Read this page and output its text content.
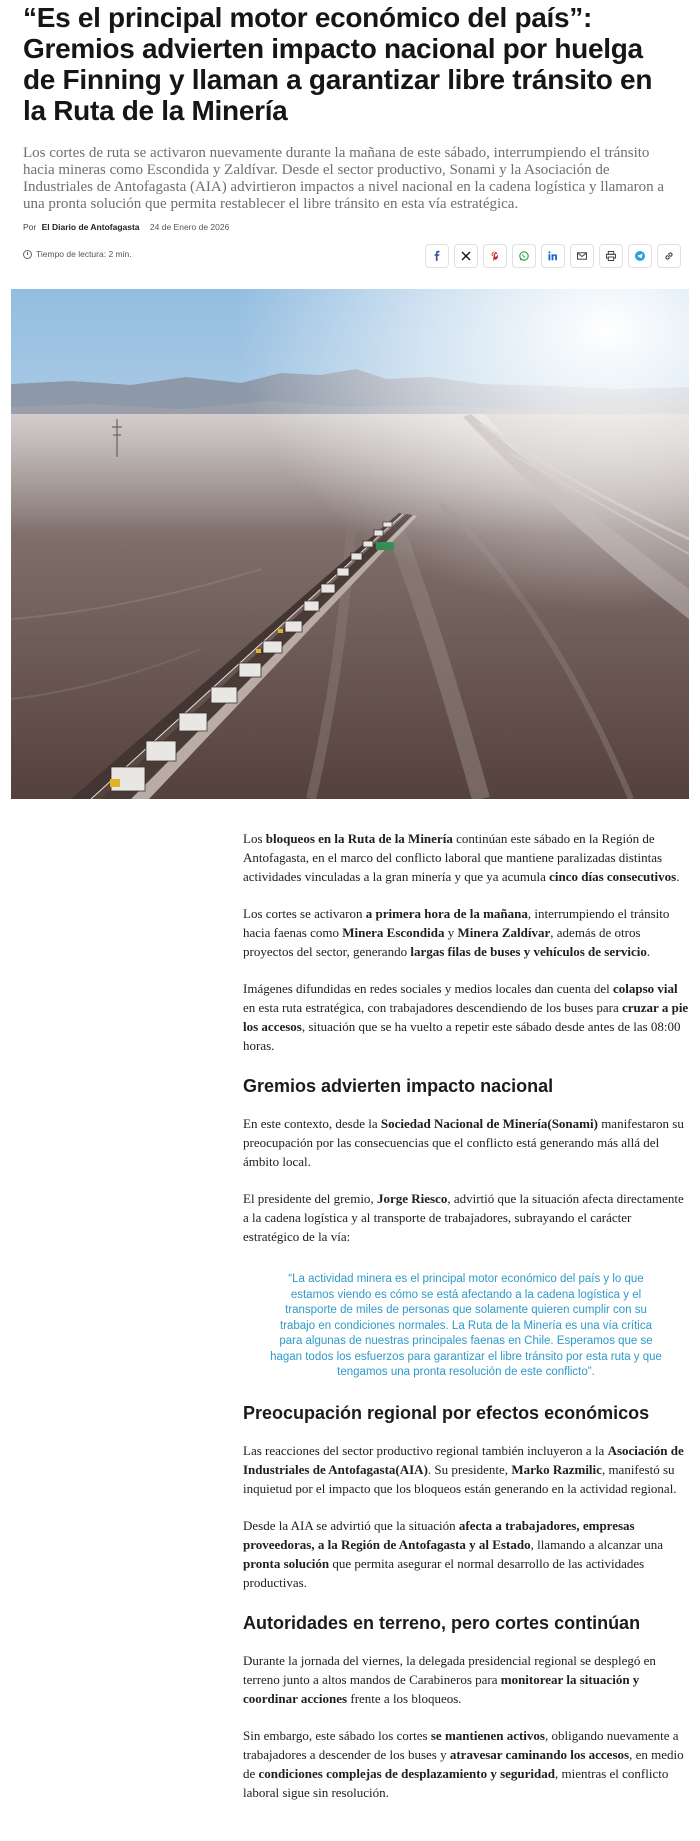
“Es el principal motor económico del país”: Gremios advierten impacto nacional por huelga de Finning y llaman a garantizar libre tránsito en la Ruta de la Minería

Los cortes de ruta se activaron nuevamente durante la mañana de este sábado, interrumpiendo el tránsito hacia mineras como Escondida y Zaldívar. Desde el sector productivo, Sonami y la Asociación de Industriales de Antofagasta (AIA) advirtieron impactos a nivel nacional en la cadena logística y llamaron a una pronta solución que permita restablecer el libre tránsito en esta vía estratégica.

Por El Diario de Antofagasta 24 de Enero de 2026
Tiempo de lectura: 2 min.

Los bloqueos en la Ruta de la Minería continúan este sábado en la Región de Antofagasta, en el marco del conflicto laboral que mantiene paralizadas distintas actividades vinculadas a la gran minería y que ya acumula cinco días consecutivos.

Los cortes se activaron a primera hora de la mañana, interrumpiendo el tránsito hacia faenas como Minera Escondida y Minera Zaldívar, además de otros proyectos del sector, generando largas filas de buses y vehículos de servicio.

Imágenes difundidas en redes sociales y medios locales dan cuenta del colapso vial en esta ruta estratégica, con trabajadores descendiendo de los buses para cruzar a pie los accesos, situación que se ha vuelto a repetir este sábado desde antes de las 08:00 horas.

Gremios advierten impacto nacional

En este contexto, desde la Sociedad Nacional de Minería(Sonami) manifestaron su preocupación por las consecuencias que el conflicto está generando más allá del ámbito local.

El presidente del gremio, Jorge Riesco, advirtió que la situación afecta directamente a la cadena logística y al transporte de trabajadores, subrayando el carácter estratégico de la vía:

“La actividad minera es el principal motor económico del país y lo que estamos viendo es cómo se está afectando a la cadena logística y el transporte de miles de personas que solamente quieren cumplir con su trabajo en condiciones normales. La Ruta de la Minería es una vía crítica para algunas de nuestras principales faenas en Chile. Esperamos que se hagan todos los esfuerzos para garantizar el libre tránsito por esta ruta y que tengamos una pronta resolución de este conflicto”.
Preocupación regional por efectos económicos

Las reacciones del sector productivo regional también incluyeron a la Asociación de Industriales de Antofagasta(AIA). Su presidente, Marko Razmilic, manifestó su inquietud por el impacto que los bloqueos están generando en la actividad regional.

Desde la AIA se advirtió que la situación afecta a trabajadores, empresas proveedoras, a la Región de Antofagasta y al Estado, llamando a alcanzar una pronta solución que permita asegurar el normal desarrollo de las actividades productivas.

Autoridades en terreno, pero cortes continúan

Durante la jornada del viernes, la delegada presidencial regional se desplegó en terreno junto a altos mandos de Carabineros para monitorear la situación y coordinar acciones frente a los bloqueos.

Sin embargo, este sábado los cortes se mantienen activos, obligando nuevamente a trabajadores a descender de los buses y atravesar caminando los accesos, en medio de condiciones complejas de desplazamiento y seguridad, mientras el conflicto laboral sigue sin resolución.
